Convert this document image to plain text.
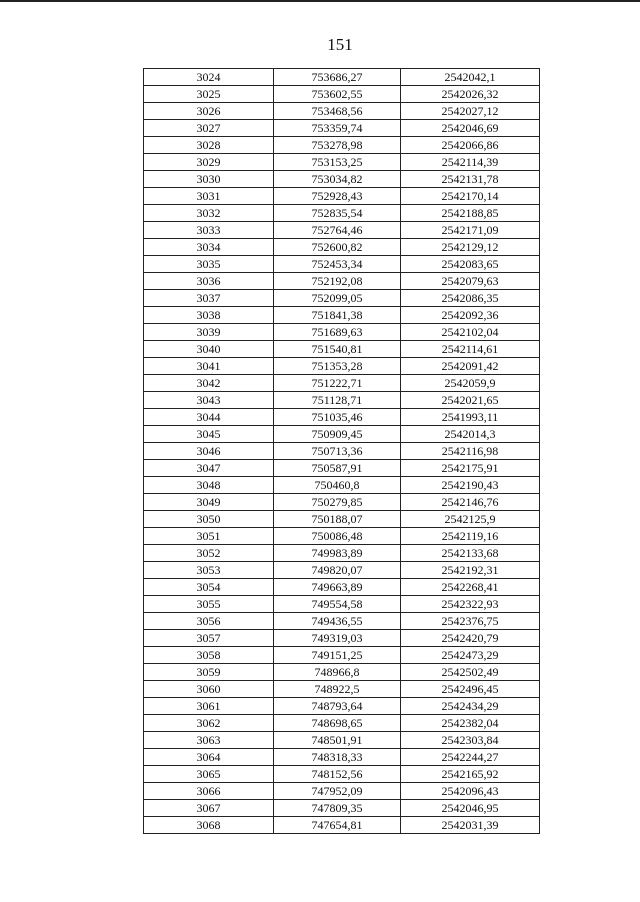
151
3024	753686,27	2542042,1
3025	753602,55	2542026,32
3026	753468,56	2542027,12
3027	753359,74	2542046,69
3028	753278,98	2542066,86
3029	753153,25	2542114,39
3030	753034,82	2542131,78
3031	752928,43	2542170,14
3032	752835,54	2542188,85
3033	752764,46	2542171,09
3034	752600,82	2542129,12
3035	752453,34	2542083,65
3036	752192,08	2542079,63
3037	752099,05	2542086,35
3038	751841,38	2542092,36
3039	751689,63	2542102,04
3040	751540,81	2542114,61
3041	751353,28	2542091,42
3042	751222,71	2542059,9
3043	751128,71	2542021,65
3044	751035,46	2541993,11
3045	750909,45	2542014,3
3046	750713,36	2542116,98
3047	750587,91	2542175,91
3048	750460,8	2542190,43
3049	750279,85	2542146,76
3050	750188,07	2542125,9
3051	750086,48	2542119,16
3052	749983,89	2542133,68
3053	749820,07	2542192,31
3054	749663,89	2542268,41
3055	749554,58	2542322,93
3056	749436,55	2542376,75
3057	749319,03	2542420,79
3058	749151,25	2542473,29
3059	748966,8	2542502,49
3060	748922,5	2542496,45
3061	748793,64	2542434,29
3062	748698,65	2542382,04
3063	748501,91	2542303,84
3064	748318,33	2542244,27
3065	748152,56	2542165,92
3066	747952,09	2542096,43
3067	747809,35	2542046,95
3068	747654,81	2542031,39
